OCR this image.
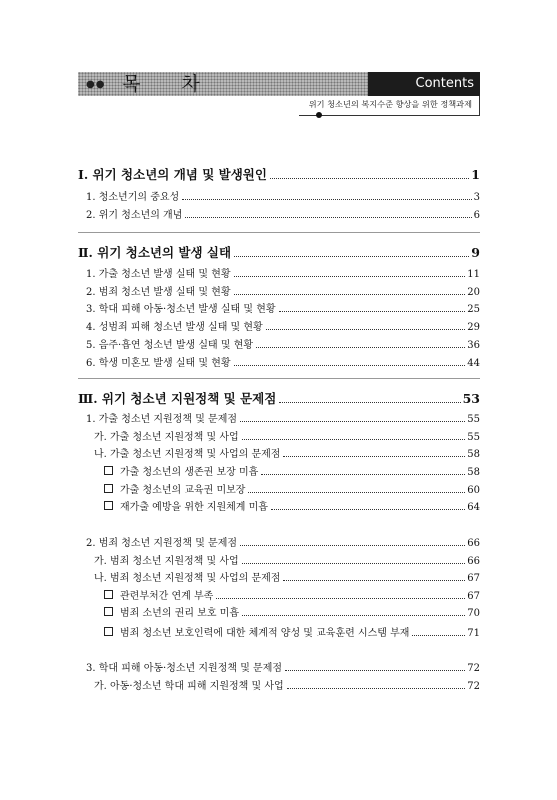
●● 목차	Contents
위기 청소년의 복지수준 향상을 위한 정책과제
Ⅰ. 위기 청소년의 개념 및 발생원인	1
1. 청소년기의 중요성	3
2. 위기 청소년의 개념	6
Ⅱ. 위기 청소년의 발생 실태	9
1. 가출 청소년 발생 실태 및 현황	11
2. 범죄 청소년 발생 실태 및 현황	20
3. 학대 피해 아동·청소년 발생 실태 및 현황	25
4. 성범죄 피해 청소년 발생 실태 및 현황	29
5. 음주·흡연 청소년 발생 실태 및 현황	36
6. 학생 미혼모 발생 실태 및 현황	44
Ⅲ. 위기 청소년 지원정책 및 문제점	53
1. 가출 청소년 지원정책 및 문제점	55
가. 가출 청소년 지원정책 및 사업	55
나. 가출 청소년 지원정책 및 사업의 문제점	58
가출 청소년의 생존권 보장 미흡	58
가출 청소년의 교육권 미보장	60
재가출 예방을 위한 지원체계 미흡	64
2. 범죄 청소년 지원정책 및 문제점	66
가. 범죄 청소년 지원정책 및 사업	66
나. 범죄 청소년 지원정책 및 사업의 문제점	67
관련부처간 연계 부족	67
범죄 소년의 권리 보호 미흡	70
범죄 청소년 보호인력에 대한 체계적 양성 및 교육훈련 시스템 부재	71
3. 학대 피해 아동·청소년 지원정책 및 문제점	72
가. 아동·청소년 학대 피해 지원정책 및 사업	72
